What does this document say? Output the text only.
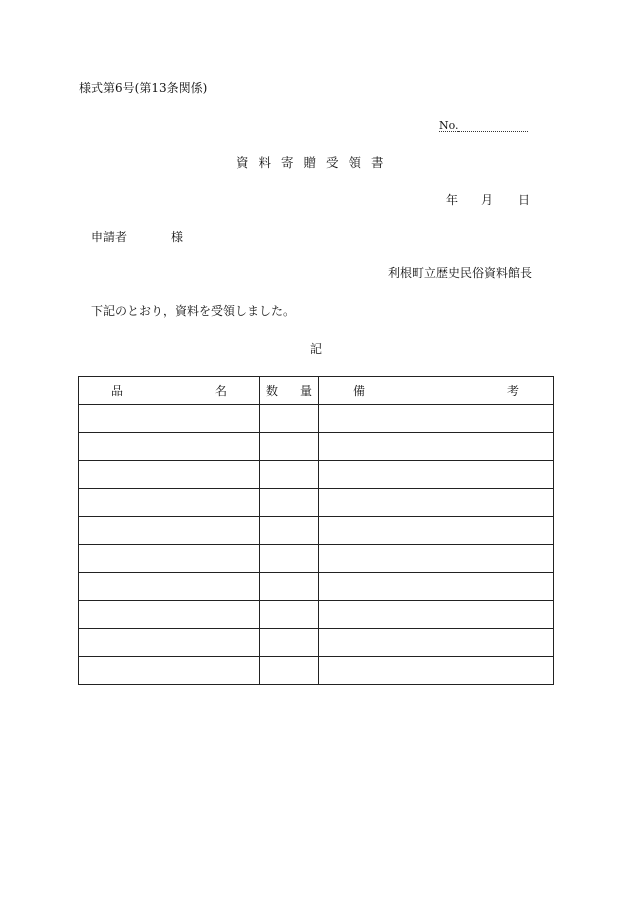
様式第6号(第13条関係)
No.
資料寄贈受領書
年 月 日
申請者	様
利根町立歴史民俗資料館長
下記のとおり，資料を受領しました。
記
品 名	数 量	備 考
